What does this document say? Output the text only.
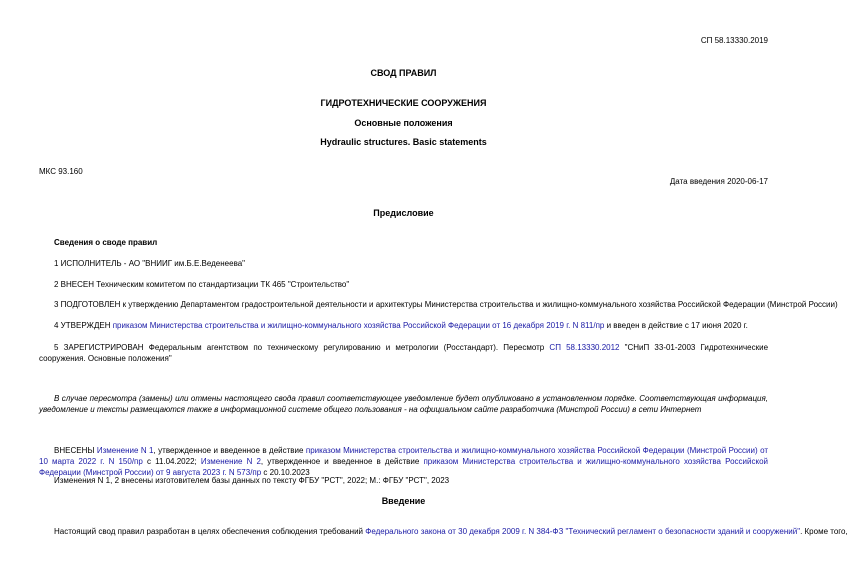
СП 58.13330.2019
СВОД ПРАВИЛ
ГИДРОТЕХНИЧЕСКИЕ СООРУЖЕНИЯ
Основные положения
Hydraulic structures. Basic statements
МКС 93.160
Дата введения 2020-06-17
Предисловие
Сведения о своде правил
1 ИСПОЛНИТЕЛЬ - АО "ВНИИГ им.Б.Е.Веденеева"
2 ВНЕСЕН Техническим комитетом по стандартизации ТК 465 "Строительство"
3 ПОДГОТОВЛЕН к утверждению Департаментом градостроительной деятельности и архитектуры Министерства строительства и жилищно-коммунального хозяйства Российской Федерации (Минстрой России)
4 УТВЕРЖДЕН приказом Министерства строительства и жилищно-коммунального хозяйства Российской Федерации от 16 декабря 2019 г. N 811/пр и введен в действие с 17 июня 2020 г.
5 ЗАРЕГИСТРИРОВАН Федеральным агентством по техническому регулированию и метрологии (Росстандарт). Пересмотр СП 58.13330.2012 "СНиП 33-01-2003 Гидротехнические сооружения. Основные положения"
В случае пересмотра (замены) или отмены настоящего свода правил соответствующее уведомление будет опубликовано в установленном порядке. Соответствующая информация, уведомление и тексты размещаются также в информационной системе общего пользования - на официальном сайте разработчика (Минстрой России) в сети Интернет
ВНЕСЕНЫ Изменение N 1, утвержденное и введенное в действие приказом Министерства строительства и жилищно-коммунального хозяйства Российской Федерации (Минстрой России) от 10 марта 2022 г. N 150/пр с 11.04.2022; Изменение N 2, утвержденное и введенное в действие приказом Министерства строительства и жилищно-коммунального хозяйства Российской Федерации (Минстрой России) от 9 августа 2023 г. N 573/пр с 20.10.2023
Изменения N 1, 2 внесены изготовителем базы данных по тексту ФГБУ "РСТ", 2022; М.: ФГБУ "РСТ", 2023
Введение
Настоящий свод правил разработан в целях обеспечения соблюдения требований Федерального закона от 30 декабря 2009 г. N 384-ФЗ "Технический регламент о безопасности зданий и сооружений". Кроме того,
